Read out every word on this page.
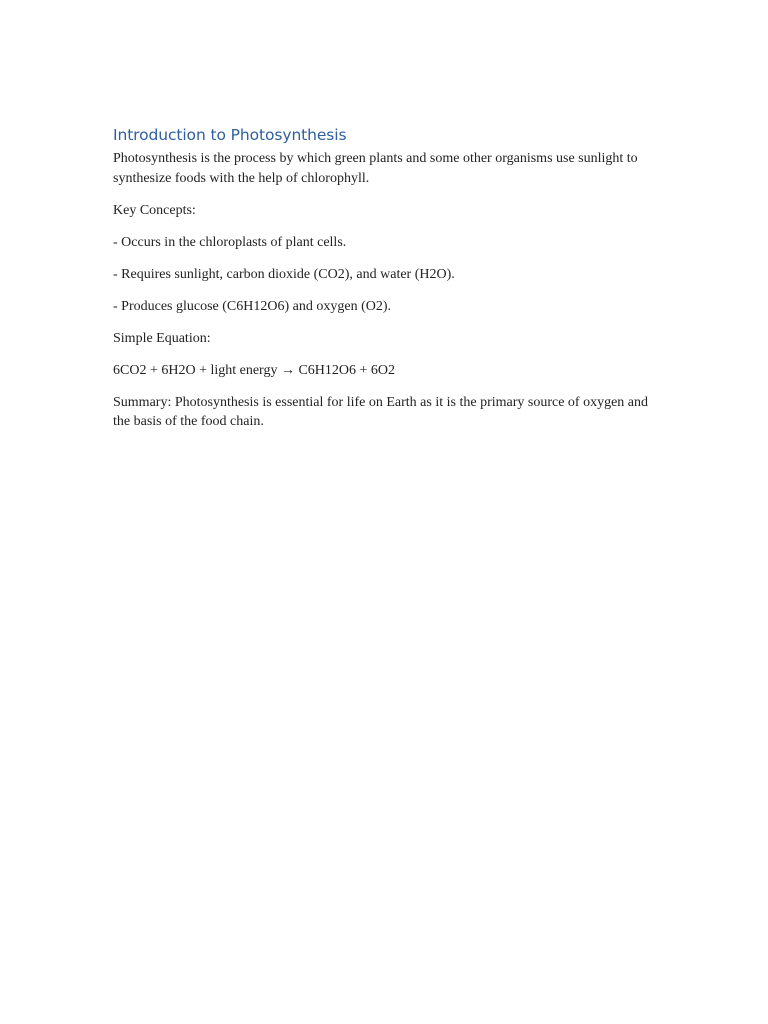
Introduction to Photosynthesis

Photosynthesis is the process by which green plants and some other organisms use sunlight to synthesize foods with the help of chlorophyll.

Key Concepts:

- Occurs in the chloroplasts of plant cells.

- Requires sunlight, carbon dioxide (CO2), and water (H2O).

- Produces glucose (C6H12O6) and oxygen (O2).

Simple Equation:

6CO2 + 6H2O + light energy → C6H12O6 + 6O2

Summary: Photosynthesis is essential for life on Earth as it is the primary source of oxygen and the basis of the food chain.
